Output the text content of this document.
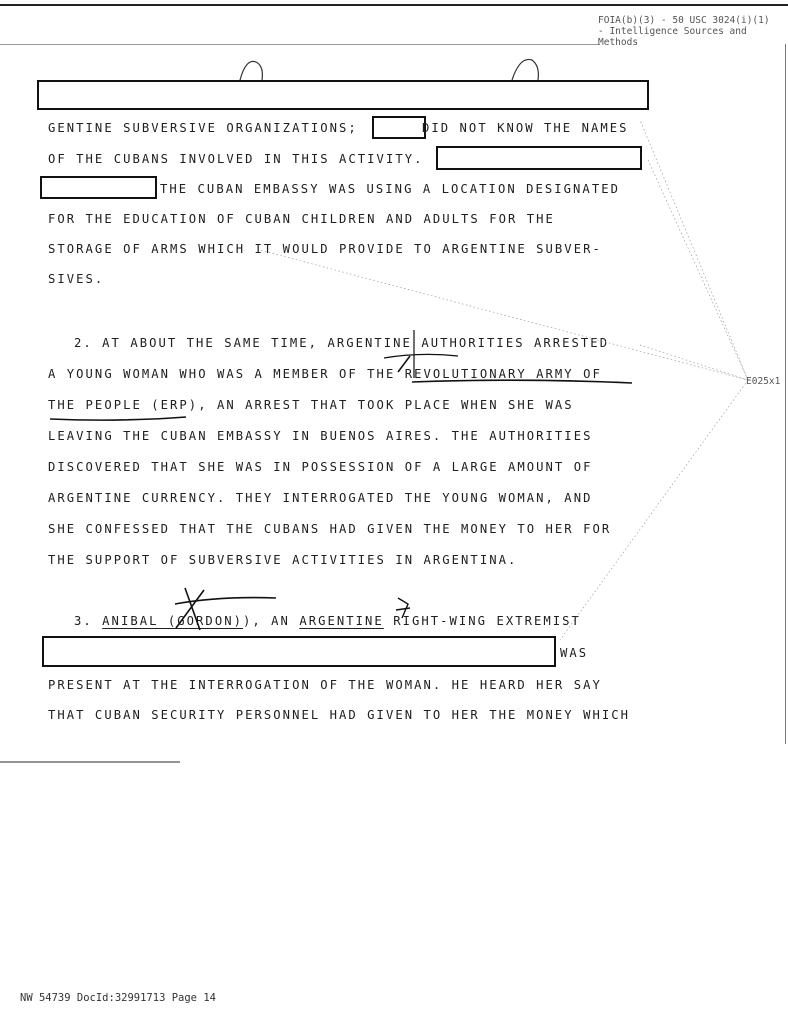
FOIA(b)(3) - 50 USC 3024(i)(1)
- Intelligence Sources and
Methods
GENTINE SUBVERSIVE ORGANIZATIONS;	DID NOT KNOW THE NAMES
OF THE CUBANS INVOLVED IN THIS ACTIVITY.
THE CUBAN EMBASSY WAS USING A LOCATION DESIGNATED
FOR THE EDUCATION OF CUBAN CHILDREN AND ADULTS FOR THE
STORAGE OF ARMS WHICH IT WOULD PROVIDE TO ARGENTINE SUBVER-
SIVES.
2. AT ABOUT THE SAME TIME, ARGENTINE AUTHORITIES ARRESTED
A YOUNG WOMAN WHO WAS A MEMBER OF THE REVOLUTIONARY ARMY OF
THE PEOPLE (ERP), AN ARREST THAT TOOK PLACE WHEN SHE WAS
LEAVING THE CUBAN EMBASSY IN BUENOS AIRES. THE AUTHORITIES
DISCOVERED THAT SHE WAS IN POSSESSION OF A LARGE AMOUNT OF
ARGENTINE CURRENCY. THEY INTERROGATED THE YOUNG WOMAN, AND
SHE CONFESSED THAT THE CUBANS HAD GIVEN THE MONEY TO HER FOR
THE SUPPORT OF SUBVERSIVE ACTIVITIES IN ARGENTINA.
3. ANIBAL (GORDON)), AN ARGENTINE RIGHT-WING EXTREMIST
WAS
PRESENT AT THE INTERROGATION OF THE WOMAN. HE HEARD HER SAY
THAT CUBAN SECURITY PERSONNEL HAD GIVEN TO HER THE MONEY WHICH
E025x1
NW 54739 DocId:32991713 Page 14
